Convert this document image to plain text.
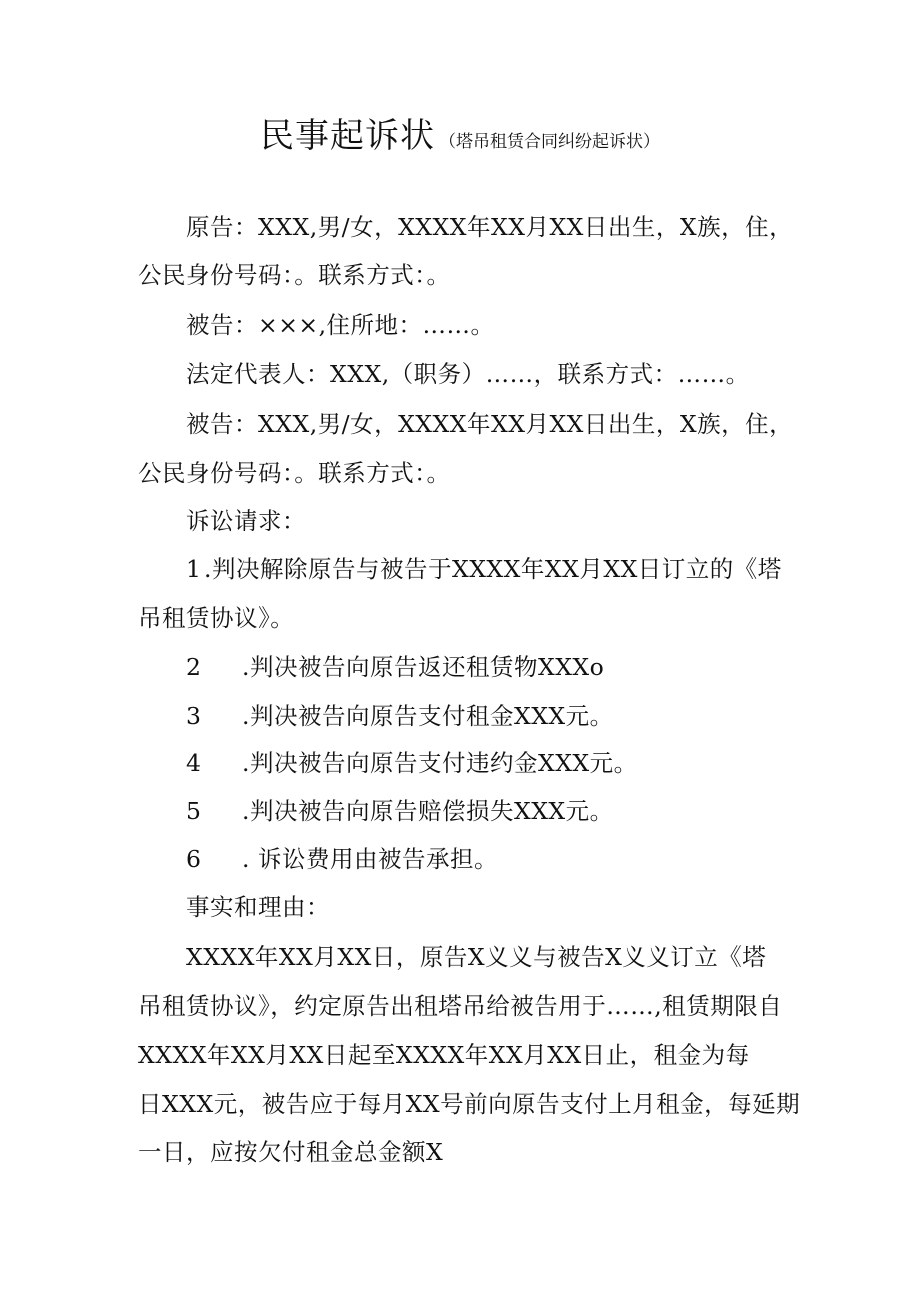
民事起诉状 （塔吊租赁合同纠纷起诉状）
原告：XXX,男/女，XXXX年XX月XX日出生，X族，住，
公民身份号码：。联系方式：。
被告：×××,住所地：……。
法定代表人：XXX,（职务）……，联系方式：……。
被告：XXX,男/女，XXXX年XX月XX日出生，X族，住，
公民身份号码：。联系方式：。
诉讼请求：
1 .判决解除原告与被告于XXXX年XX月XX日订立的《塔
吊租赁协议》。
2 .判决被告向原告返还租赁物XXXo
3 .判决被告向原告支付租金XXX元。
4 .判决被告向原告支付违约金XXX元。
5 .判决被告向原告赔偿损失XXX元。
6 . 诉讼费用由被告承担。
事实和理由：
XXXX年XX月XX日，原告X义义与被告X义义订立《塔
吊租赁协议》，约定原告出租塔吊给被告用于……,租赁期限自
XXXX年XX月XX日起至XXXX年XX月XX日止，租金为每
日XXX元，被告应于每月XX号前向原告支付上月租金，每延期
一日，应按欠付租金总金额X
